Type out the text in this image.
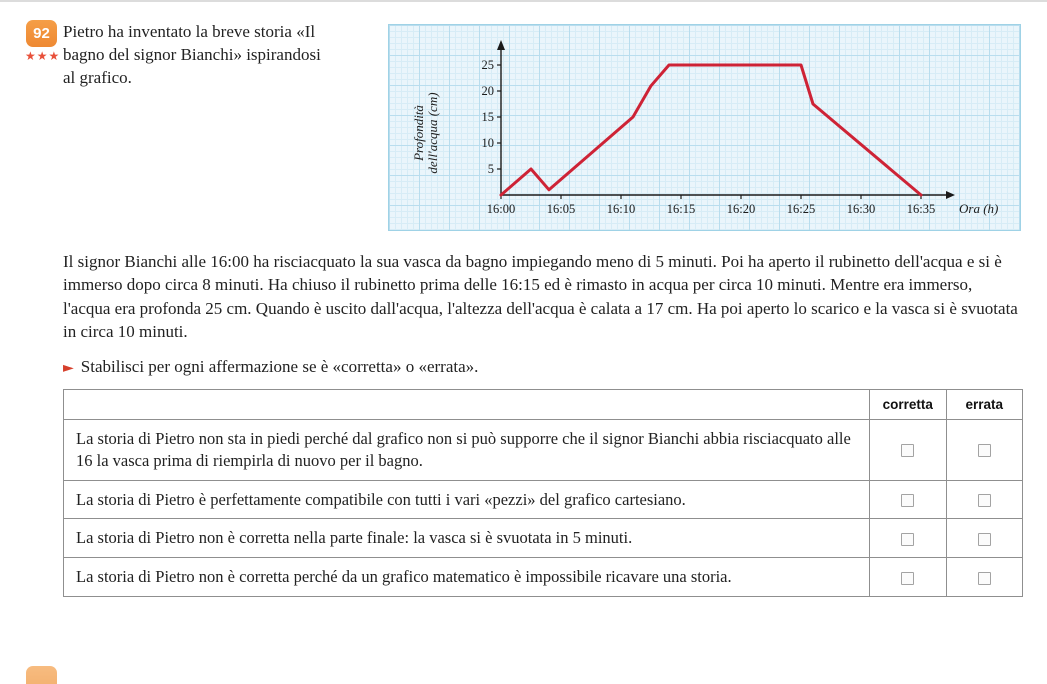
92
★★★
Pietro ha inventato la breve storia «Il bagno del signor Bianchi» ispirandosi al grafico.
16:00	16:05	16:10	16:15	16:20	16:25	16:30	16:35
5
10
15
20
25
Ora (h)
Profonditàdell'acqua (cm)
Il signor Bianchi alle 16:00 ha risciacquato la sua vasca da bagno impiegando meno di 5 minuti. Poi ha aperto il rubinetto dell'acqua e si è immerso dopo circa 8 minuti. Ha chiuso il rubinetto prima delle 16:15 ed è rimasto in acqua per circa 10 minuti. Mentre era immerso, l'acqua era profonda 25 cm. Quando è uscito dall'acqua, l'altezza dell'acqua è calata a 17 cm. Ha poi aperto lo scarico e la vasca si è svuotata in circa 10 minuti.
► Stabilisci per ogni affermazione se è «corretta» o «errata».
	corretta	errata
La storia di Pietro non sta in piedi perché dal grafico non si può supporre che il signor Bianchi abbia risciacquato alle 16 la vasca prima di riempirla di nuovo per il bagno.		
La storia di Pietro è perfettamente compatibile con tutti i vari «pezzi» del grafico cartesiano.		
La storia di Pietro non è corretta nella parte finale: la vasca si è svuotata in 5 minuti.		
La storia di Pietro non è corretta perché da un grafico matematico è impossibile ricavare una storia.		
